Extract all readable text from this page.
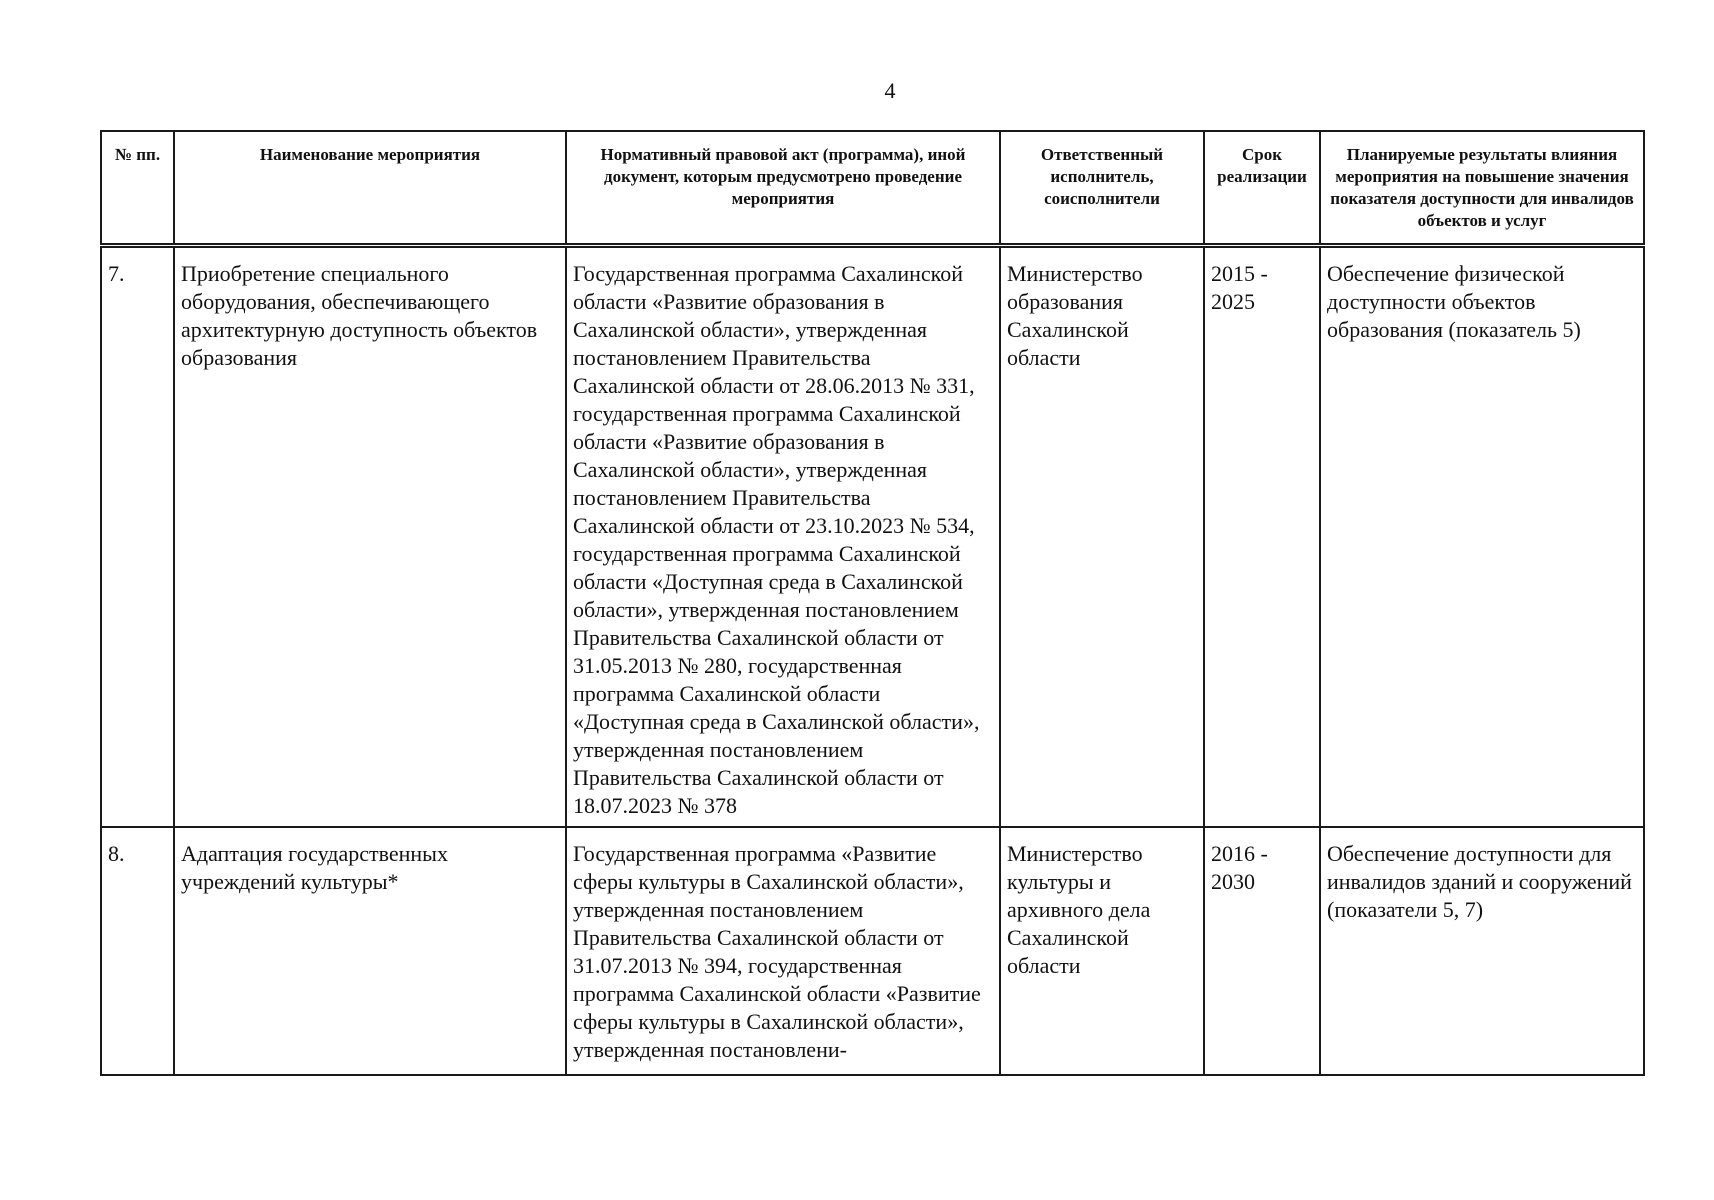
4
№ пп.	Наименование мероприятия	Нормативный правовой акт (программа), иной документ, которым предусмотрено проведение мероприятия	Ответственный исполнитель, соисполнители	Срок реализации	Планируемые результаты влияния мероприятия на повышение значения показателя доступности для инвалидов объектов и услуг
7.	Приобретение специального оборудования, обеспечивающего архитектурную доступность объектов образования	Государственная программа Сахалинской области «Развитие образования в Сахалинской области», утвержденная постановлением Правительства Сахалинской области от 28.06.2013 № 331, государственная программа Сахалинской области «Развитие образования в Сахалинской области», утвержденная постановлением Правительства Сахалинской области от 23.10.2023 № 534, государственная программа Сахалинской области «Доступная среда в Сахалинской области», утвержденная постановлением Правительства Сахалинской области от 31.05.2013 № 280, государственная программа Сахалинской области «Доступная среда в Сахалинской области», утвержденная постановлением Правительства Сахалинской области от 18.07.2023 № 378	Министерство образования Сахалинской области	2015 - 2025	Обеспечение физической доступности объектов образования (показатель 5)
8.	Адаптация государственных учреждений культуры*	Государственная программа «Развитие сферы культуры в Сахалинской области», утвержденная постановлением Правительства Сахалинской области от 31.07.2013 № 394, государственная программа Сахалинской области «Развитие сферы культуры в Сахалинской области», утвержденная постановлени-	Министерство культуры и архивного дела Сахалинской области	2016 - 2030	Обеспечение доступности для инвалидов зданий и сооружений (показатели 5, 7)
